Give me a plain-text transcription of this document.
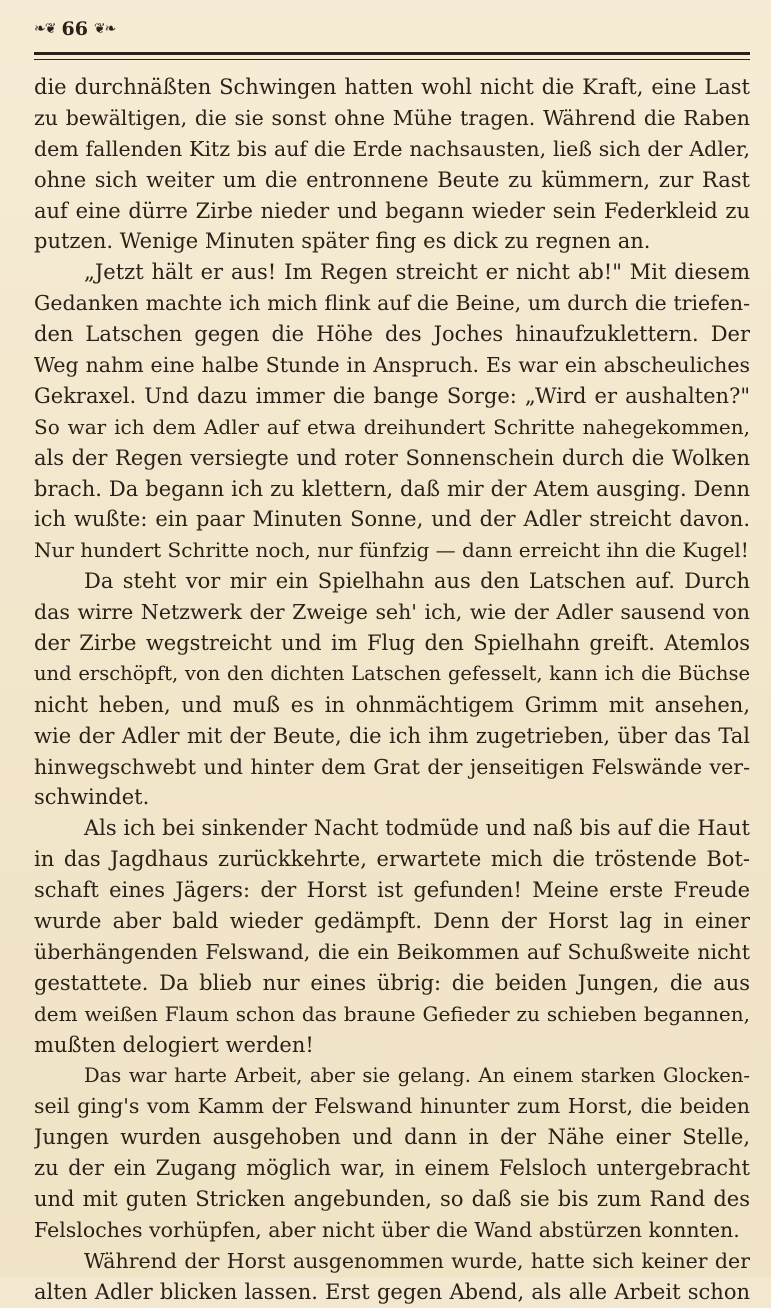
❧❦ 66 ❦❧
die durchnäßten Schwingen hatten wohl nicht die Kraft, eine Last
zu bewältigen, die sie sonst ohne Mühe tragen. Während die Raben
dem fallenden Kitz bis auf die Erde nachsausten, ließ sich der Adler,
ohne sich weiter um die entronnene Beute zu kümmern, zur Rast
auf eine dürre Zirbe nieder und begann wieder sein Federkleid zu
putzen. Wenige Minuten später fing es dick zu regnen an.
„Jetzt hält er aus! Im Regen streicht er nicht ab!" Mit diesem
Gedanken machte ich mich flink auf die Beine, um durch die triefen-
den Latschen gegen die Höhe des Joches hinaufzuklettern. Der
Weg nahm eine halbe Stunde in Anspruch. Es war ein abscheuliches
Gekraxel. Und dazu immer die bange Sorge: „Wird er aushalten?"
So war ich dem Adler auf etwa dreihundert Schritte nahegekommen,
als der Regen versiegte und roter Sonnenschein durch die Wolken
brach. Da begann ich zu klettern, daß mir der Atem ausging. Denn
ich wußte: ein paar Minuten Sonne, und der Adler streicht davon.
Nur hundert Schritte noch, nur fünfzig — dann erreicht ihn die Kugel!
Da steht vor mir ein Spielhahn aus den Latschen auf. Durch
das wirre Netzwerk der Zweige seh' ich, wie der Adler sausend von
der Zirbe wegstreicht und im Flug den Spielhahn greift. Atemlos
und erschöpft, von den dichten Latschen gefesselt, kann ich die Büchse
nicht heben, und muß es in ohnmächtigem Grimm mit ansehen,
wie der Adler mit der Beute, die ich ihm zugetrieben, über das Tal
hinwegschwebt und hinter dem Grat der jenseitigen Felswände ver-
schwindet.
Als ich bei sinkender Nacht todmüde und naß bis auf die Haut
in das Jagdhaus zurückkehrte, erwartete mich die tröstende Bot-
schaft eines Jägers: der Horst ist gefunden! Meine erste Freude
wurde aber bald wieder gedämpft. Denn der Horst lag in einer
überhängenden Felswand, die ein Beikommen auf Schußweite nicht
gestattete. Da blieb nur eines übrig: die beiden Jungen, die aus
dem weißen Flaum schon das braune Gefieder zu schieben begannen,
mußten delogiert werden!
Das war harte Arbeit, aber sie gelang. An einem starken Glocken-
seil ging's vom Kamm der Felswand hinunter zum Horst, die beiden
Jungen wurden ausgehoben und dann in der Nähe einer Stelle,
zu der ein Zugang möglich war, in einem Felsloch untergebracht
und mit guten Stricken angebunden, so daß sie bis zum Rand des
Felsloches vorhüpfen, aber nicht über die Wand abstürzen konnten.
Während der Horst ausgenommen wurde, hatte sich keiner der
alten Adler blicken lassen. Erst gegen Abend, als alle Arbeit schon
